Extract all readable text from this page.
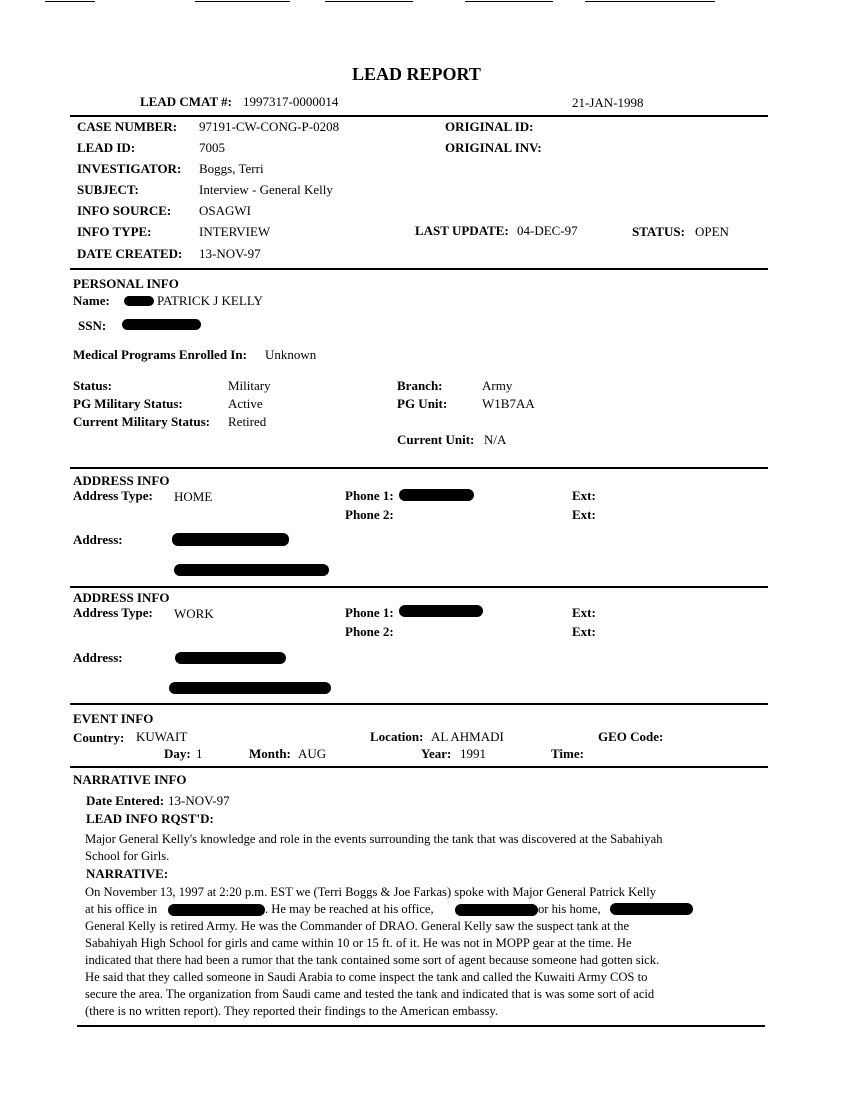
LEAD REPORT
LEAD CMAT #: 1997317-0000014	21-JAN-1998
CASE NUMBER: 97191-CW-CONG-P-0208
LEAD ID:	7005
INVESTIGATOR: Boggs, Terri
SUBJECT:	Interview - General Kelly
INFO SOURCE: OSAGWI
INFO TYPE:	INTERVIEW
DATE CREATED: 13-NOV-97
ORIGINAL ID:
ORIGINAL INV:
LAST UPDATE: 04-DEC-97	STATUS: OPEN
PERSONAL INFO
Name:	PATRICK J KELLY
SSN:
Medical Programs Enrolled In: Unknown
Status:	Military
PG Military Status:	Active
Current Military Status: Retired
Branch:	Army
PG Unit:	W1B7AA
Current Unit: N/A
ADDRESS INFO
Address Type: HOME	Phone 1:
Phone 2:
Ext:
Ext:
Address:
ADDRESS INFO
Address Type: WORK	Phone 1:
Phone 2:
Ext:
Ext:
Address:
EVENT INFO
Country: KUWAIT	Location: AL AHMADI	GEO Code:
Day: 1	Month: AUG	Year: 1991	Time:
NARRATIVE INFO
Date Entered: 13-NOV-97
LEAD INFO RQST'D:
Major General Kelly's knowledge and role in the events surrounding the tank that was discovered at the Sabahiyah
School for Girls.
NARRATIVE:
On November 13, 1997 at 2:20 p.m. EST we (Terri Boggs & Joe Farkas) spoke with Major General Patrick Kelly
at his office in	. He may be reached at his office,	or his home,
General Kelly is retired Army. He was the Commander of DRAO. General Kelly saw the suspect tank at the
Sabahiyah High School for girls and came within 10 or 15 ft. of it. He was not in MOPP gear at the time. He
indicated that there had been a rumor that the tank contained some sort of agent because someone had gotten sick.
He said that they called someone in Saudi Arabia to come inspect the tank and called the Kuwaiti Army COS to
secure the area. The organization from Saudi came and tested the tank and indicated that is was some sort of acid
(there is no written report). They reported their findings to the American embassy.
